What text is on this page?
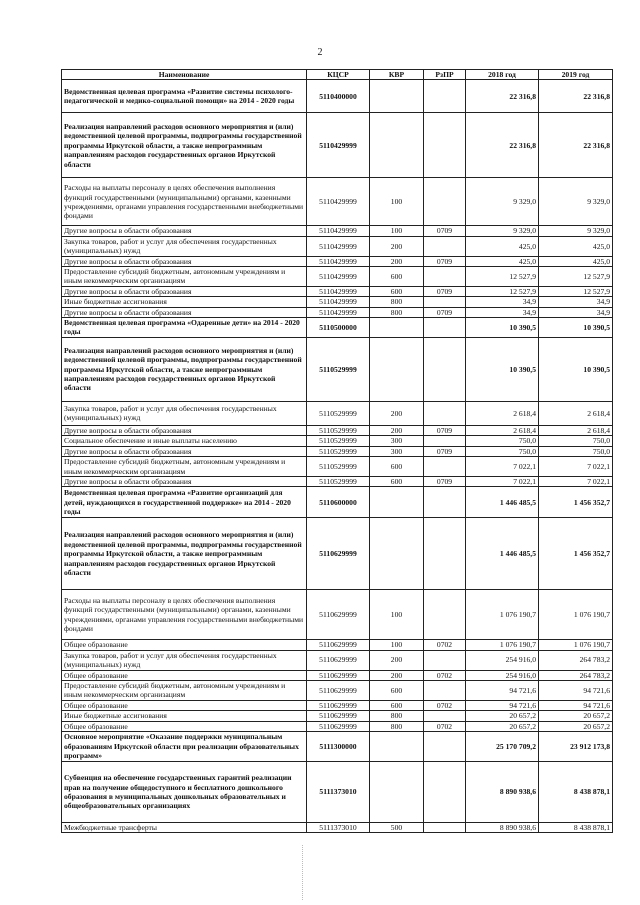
2
Наименование	КЦСР	КВР	РзПР	2018 год	2019 год
Ведомственная целевая программа «Развитие системы психолого-педагогической и медико-социальной помощи» на 2014 - 2020 годы	5110400000			22 316,8	22 316,8
Реализация направлений расходов основного мероприятия и (или) ведомственной целевой программы, подпрограммы государственной программы Иркутской области, а также непрограммным направлениям расходов государственных органов Иркутской области	5110429999			22 316,8	22 316,8
Расходы на выплаты персоналу в целях обеспечения выполнения функций государственными (муниципальными) органами, казенными учреждениями, органами управления государственными внебюджетными фондами	5110429999	100		9 329,0	9 329,0
Другие вопросы в области образования	5110429999	100	0709	9 329,0	9 329,0
Закупка товаров, работ и услуг для обеспечения государственных (муниципальных) нужд	5110429999	200		425,0	425,0
Другие вопросы в области образования	5110429999	200	0709	425,0	425,0
Предоставление субсидий бюджетным, автономным учреждениям и иным некоммерческим организациям	5110429999	600		12 527,9	12 527,9
Другие вопросы в области образования	5110429999	600	0709	12 527,9	12 527,9
Иные бюджетные ассигнования	5110429999	800		34,9	34,9
Другие вопросы в области образования	5110429999	800	0709	34,9	34,9
Ведомственная целевая программа «Одаренные дети» на 2014 - 2020 годы	5110500000			10 390,5	10 390,5
Реализация направлений расходов основного мероприятия и (или) ведомственной целевой программы, подпрограммы государственной программы Иркутской области, а также непрограммным направлениям расходов государственных органов Иркутской области	5110529999			10 390,5	10 390,5
Закупка товаров, работ и услуг для обеспечения государственных (муниципальных) нужд	5110529999	200		2 618,4	2 618,4
Другие вопросы в области образования	5110529999	200	0709	2 618,4	2 618,4
Социальное обеспечение и иные выплаты населению	5110529999	300		750,0	750,0
Другие вопросы в области образования	5110529999	300	0709	750,0	750,0
Предоставление субсидий бюджетным, автономным учреждениям и иным некоммерческим организациям	5110529999	600		7 022,1	7 022,1
Другие вопросы в области образования	5110529999	600	0709	7 022,1	7 022,1
Ведомственная целевая программа «Развитие организаций для детей, нуждающихся в государственной поддержке» на 2014 - 2020 годы	5110600000			1 446 485,5	1 456 352,7
Реализация направлений расходов основного мероприятия и (или) ведомственной целевой программы, подпрограммы государственной программы Иркутской области, а также непрограммным направлениям расходов государственных органов Иркутской области	5110629999			1 446 485,5	1 456 352,7
Расходы на выплаты персоналу в целях обеспечения выполнения функций государственными (муниципальными) органами, казенными учреждениями, органами управления государственными внебюджетными фондами	5110629999	100		1 076 190,7	1 076 190,7
Общее образование	5110629999	100	0702	1 076 190,7	1 076 190,7
Закупка товаров, работ и услуг для обеспечения государственных (муниципальных) нужд	5110629999	200		254 916,0	264 783,2
Общее образование	5110629999	200	0702	254 916,0	264 783,2
Предоставление субсидий бюджетным, автономным учреждениям и иным некоммерческим организациям	5110629999	600		94 721,6	94 721,6
Общее образование	5110629999	600	0702	94 721,6	94 721,6
Иные бюджетные ассигнования	5110629999	800		20 657,2	20 657,2
Общее образование	5110629999	800	0702	20 657,2	20 657,2
Основное мероприятие «Оказание поддержки муниципальным образованиям Иркутской области при реализации образовательных программ»	5111300000			25 170 709,2	23 912 173,8
Субвенция на обеспечение государственных гарантий реализации прав на получение общедоступного и бесплатного дошкольного образования в муниципальных дошкольных образовательных и общеобразовательных организациях	5111373010			8 890 938,6	8 438 878,1
Межбюджетные трансферты	5111373010	500		8 890 938,6	8 438 878,1
